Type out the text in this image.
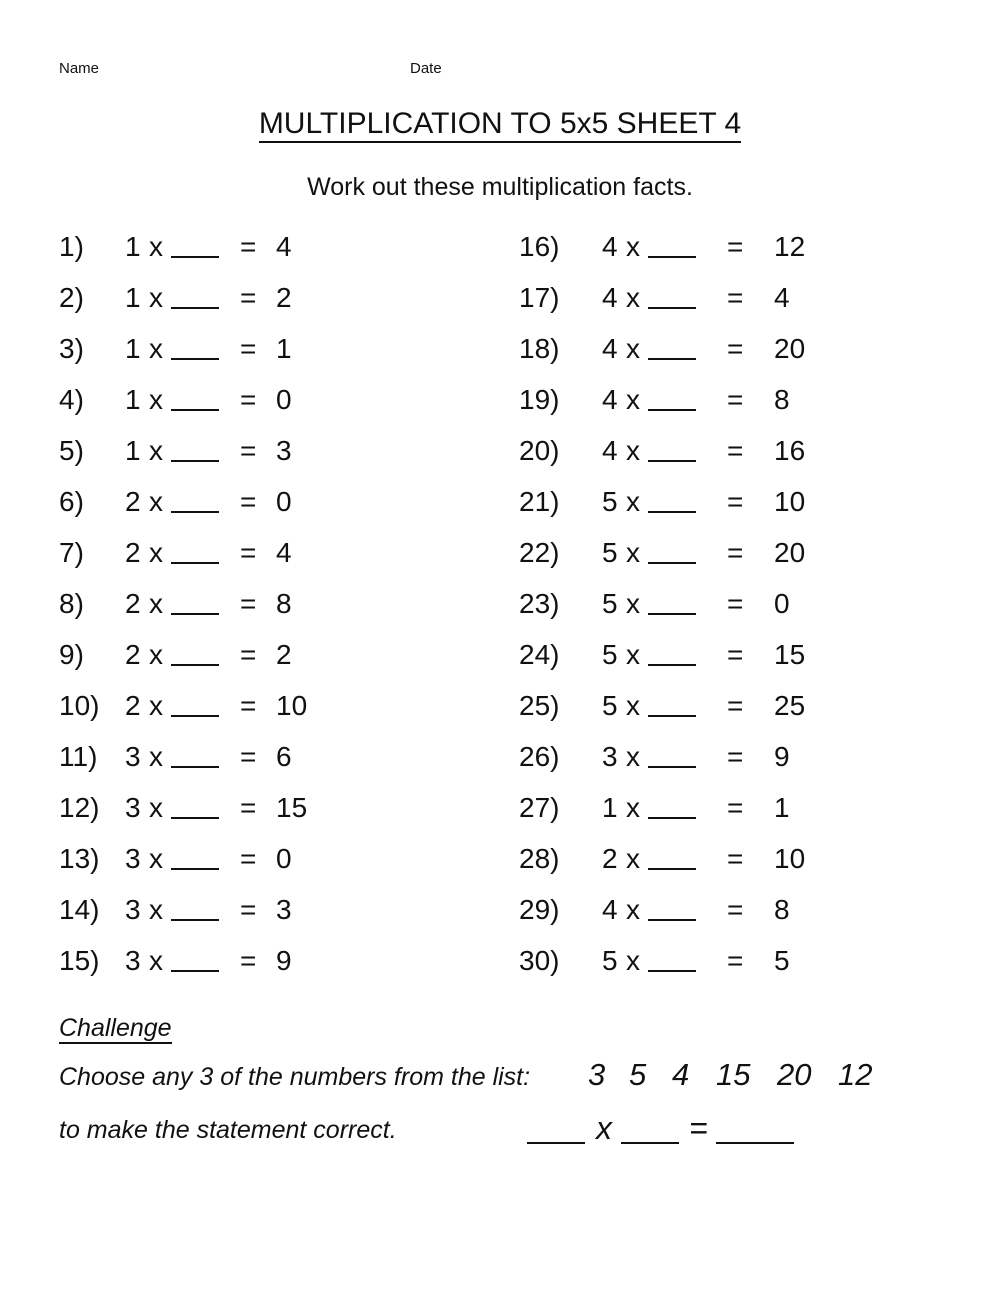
Name	Date
MULTIPLICATION TO 5x5 SHEET 4
Work out these multiplication facts.
1) 1 x	= 4
2) 1 x	= 2
3) 1 x	= 1
4) 1 x	= 0
5) 1 x	= 3
6) 2 x	= 0
7) 2 x	= 4
8) 2 x	= 8
9) 2 x	= 2
10) 2 x	= 10
11) 3 x	= 6
12) 3 x	= 15
13) 3 x	= 0
14) 3 x	= 3
15) 3 x	= 9
16) 4 x	= 12
17) 4 x	= 4
18) 4 x	= 20
19) 4 x	= 8
20) 4 x	= 16
21) 5 x	= 10
22) 5 x	= 20
23) 5 x	= 0
24) 5 x	= 15
25) 5 x	= 25
26) 3 x	= 9
27) 1 x	= 1
28) 2 x	= 10
29) 4 x	= 8
30) 5 x	= 5
Challenge
Choose any 3 of the numbers from the list:
to make the statement correct.
3 5 4 15 20 12
x =
